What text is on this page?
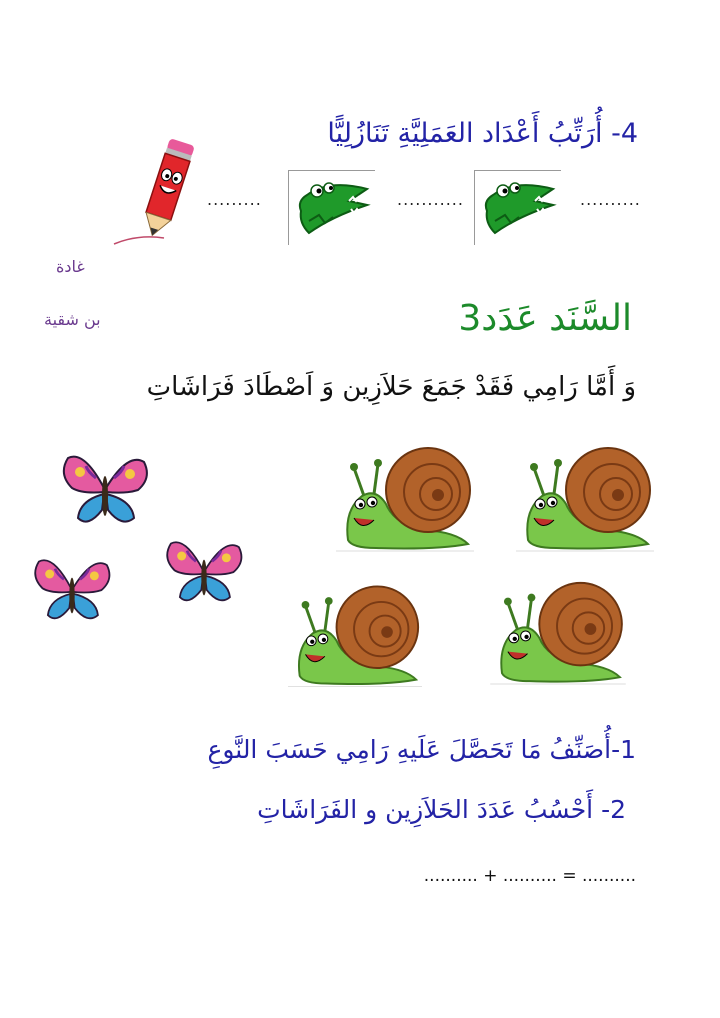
4- أُرَتِّبُ أَعْدَاد العَمَلِيَّةِ تَنَازُلِيًّا
..........
...........
.........
غادة
بن شقية	السَّنَد عَدَد3
وَ أَمَّا رَامِي فَقَدْ جَمَعَ حَلاَزِين وَ اَصْطَادَ فَرَاشَاتِ
1-أُصَنِّفُ مَا تَحَصَّلَ عَلَيهِ رَامِي حَسَبَ النَّوعِ
2- أَحْسُبُ عَدَدَ الحَلاَزِين و الفَرَاشَاتِ
.......... + .......... = ..........
